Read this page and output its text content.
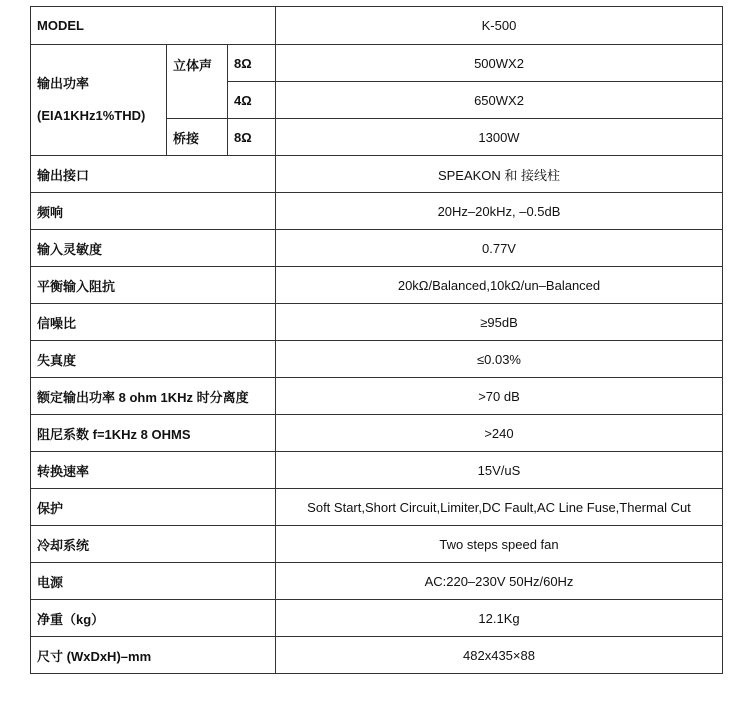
MODEL			K-500

输出功率
(EIA1KHz1%THD)	立体声	8Ω	500WX2
		4Ω	650WX2
	桥接	8Ω	1300W
输出接口			SPEAKON 和 接线柱
频响			20Hz–20kHz, –0.5dB
输入灵敏度			0.77V
平衡输入阻抗			20kΩ/Balanced,10kΩ/un–Balanced
信噪比			≥95dB
失真度			≤0.03%
额定输出功率 8 ohm 1KHz 时分离度			>70 dB
阻尼系数 f=1KHz 8 OHMS			>240
转换速率			15V/uS
保护			Soft Start,Short Circuit,Limiter,DC Fault,AC Line Fuse,Thermal Cut
冷却系统			Two steps speed fan
电源			AC:220–230V 50Hz/60Hz
净重（kg）			12.1Kg
尺寸 (WxDxH)–mm			482x435×88
